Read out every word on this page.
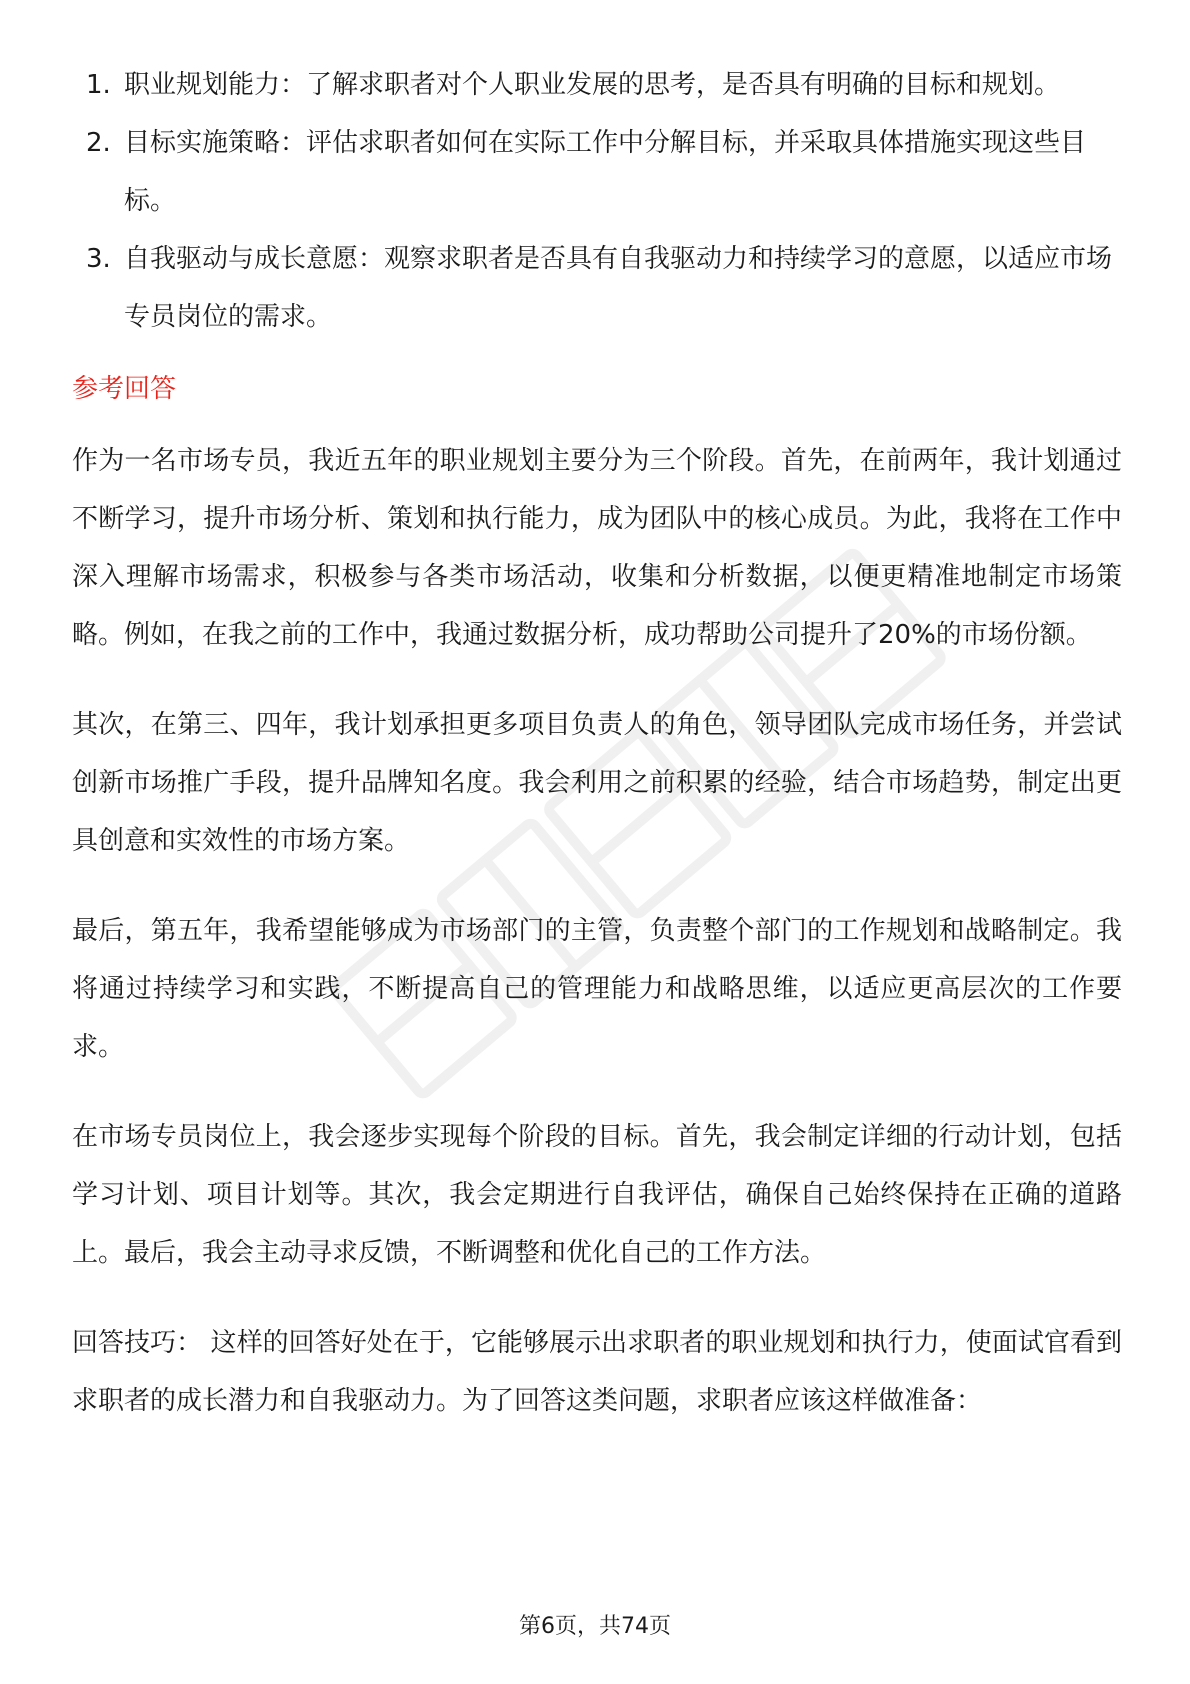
1. 职业规划能力：了解求职者对个人职业发展的思考，是否具有明确的目标和规划。
2. 目标实施策略：评估求职者如何在实际工作中分解目标，并采取具体措施实现这些目标。
3. 自我驱动与成长意愿：观察求职者是否具有自我驱动力和持续学习的意愿，以适应市场专员岗位的需求。
参考回答

作为一名市场专员，我近五年的职业规划主要分为三个阶段。首先，在前两年，我计划通过不断学习，提升市场分析、策划和执行能力，成为团队中的核心成员。为此，我将在工作中深入理解市场需求，积极参与各类市场活动，收集和分析数据，以便更精准地制定市场策略。例如，在我之前的工作中，我通过数据分析，成功帮助公司提升了20%的市场份额。

其次，在第三、四年，我计划承担更多项目负责人的角色，领导团队完成市场任务，并尝试创新市场推广手段，提升品牌知名度。我会利用之前积累的经验，结合市场趋势，制定出更具创意和实效性的市场方案。

最后，第五年，我希望能够成为市场部门的主管，负责整个部门的工作规划和战略制定。我将通过持续学习和实践，不断提高自己的管理能力和战略思维，以适应更高层次的工作要求。

在市场专员岗位上，我会逐步实现每个阶段的目标。首先，我会制定详细的行动计划，包括学习计划、项目计划等。其次，我会定期进行自我评估，确保自己始终保持在正确的道路上。最后，我会主动寻求反馈，不断调整和优化自己的工作方法。

回答技巧： 这样的回答好处在于，它能够展示出求职者的职业规划和执行力，使面试官看到求职者的成长潜力和自我驱动力。为了回答这类问题，求职者应该这样做准备：

第6页，共74页
